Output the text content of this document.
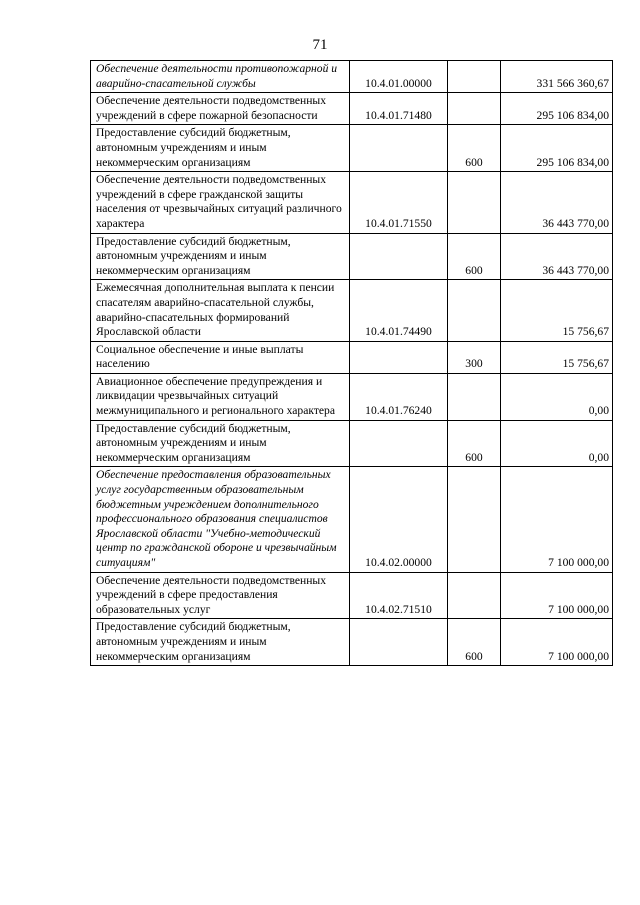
71
Обеспечение деятельности противопожарной и аварийно-спасательной службы	10.4.01.00000		331 566 360,67
Обеспечение деятельности подведомственных учреждений в сфере пожарной безопасности	10.4.01.71480		295 106 834,00
Предоставление субсидий бюджетным, автономным учреждениям и иным некоммерческим организациям		600	295 106 834,00
Обеспечение деятельности подведомственных учреждений в сфере гражданской защиты населения от чрезвычайных ситуаций различного характера	10.4.01.71550		36 443 770,00
Предоставление субсидий бюджетным, автономным учреждениям и иным некоммерческим организациям		600	36 443 770,00
Ежемесячная дополнительная выплата к пенсии спасателям аварийно-спасательной службы, аварийно-спасательных формирований Ярославской области	10.4.01.74490		15 756,67
Социальное обеспечение и иные выплаты населению		300	15 756,67
Авиационное обеспечение предупреждения и ликвидации чрезвычайных ситуаций межмуниципального и регионального характера	10.4.01.76240		0,00
Предоставление субсидий бюджетным, автономным учреждениям и иным некоммерческим организациям		600	0,00
Обеспечение предоставления образовательных услуг государственным образовательным бюджетным учреждением дополнительного профессионального образования специалистов Ярославской области "Учебно-методический центр по гражданской обороне и чрезвычайным ситуациям"	10.4.02.00000		7 100 000,00
Обеспечение деятельности подведомственных учреждений в сфере предоставления образовательных услуг	10.4.02.71510		7 100 000,00
Предоставление субсидий бюджетным, автономным учреждениям и иным некоммерческим организациям		600	7 100 000,00
